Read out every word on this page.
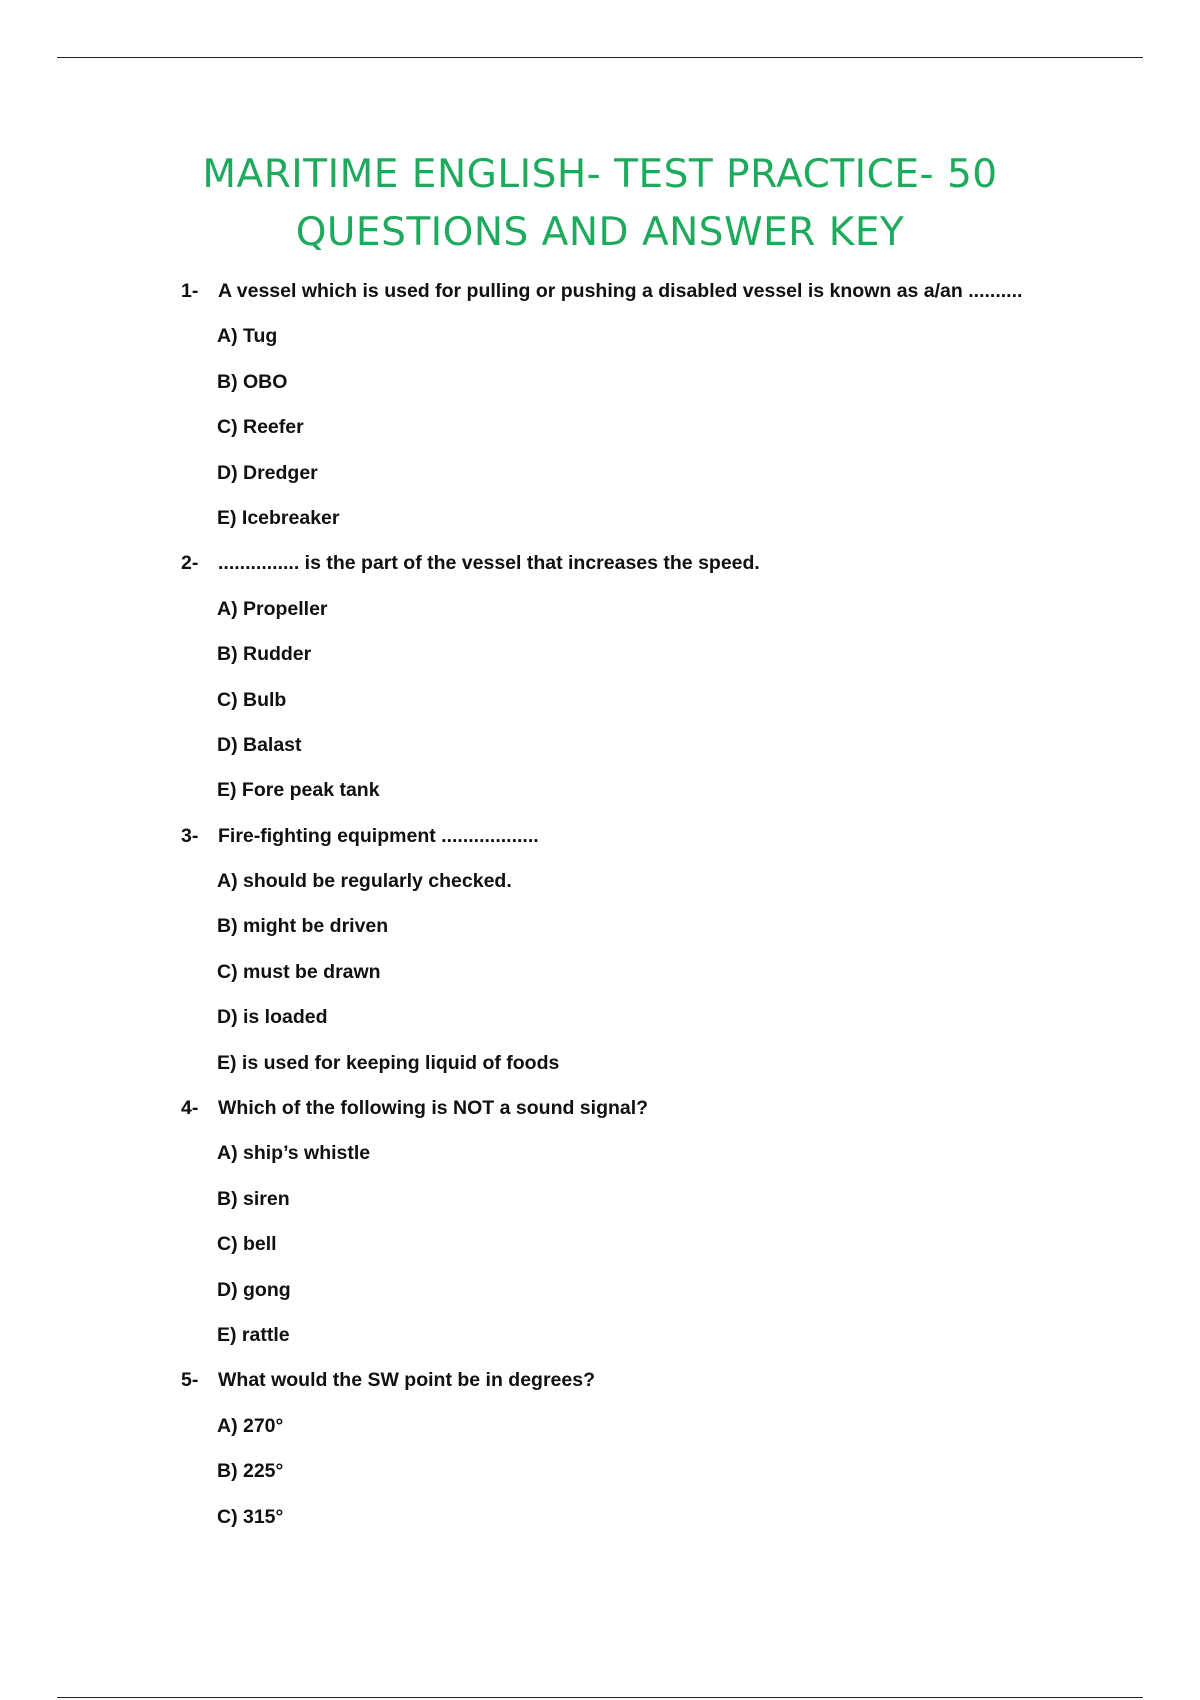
MARITIME ENGLISH- TEST PRACTICE- 50
QUESTIONS AND ANSWER KEY
1-	A vessel which is used for pulling or pushing a disabled vessel is known as a/an ..........
A) Tug
B) OBO
C) Reefer
D) Dredger
E) Icebreaker
2-	............... is the part of the vessel that increases the speed.
A) Propeller
B) Rudder
C) Bulb
D) Balast
E) Fore peak tank
3-	Fire-fighting equipment ..................
A) should be regularly checked.
B) might be driven
C) must be drawn
D) is loaded
E) is used for keeping liquid of foods
4-	Which of the following is NOT a sound signal?
A) ship’s whistle
B) siren
C) bell
D) gong
E) rattle
5-	What would the SW point be in degrees?
A) 270°
B) 225°
C) 315°
